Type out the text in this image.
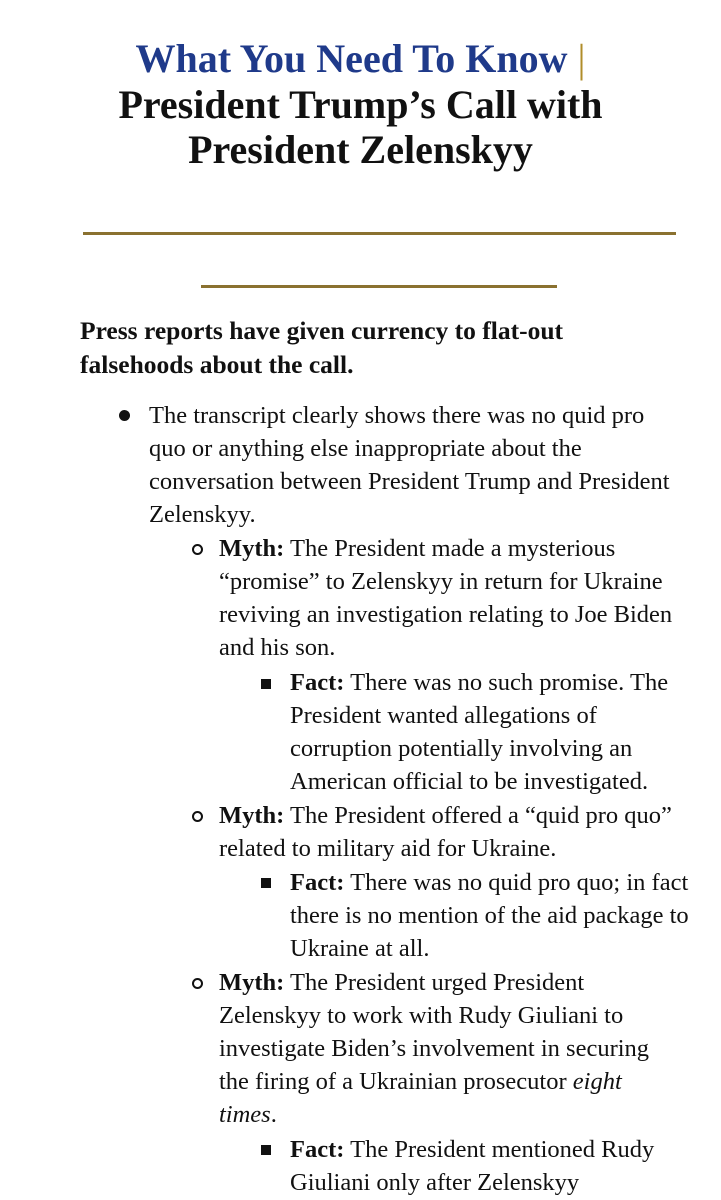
What You Need To Know |
President Trump’s Call with
President Zelenskyy
Press reports have given currency to flat-out falsehoods about the call.
The transcript clearly shows there was no quid pro quo or anything else inappropriate about the conversation between President Trump and President Zelenskyy.
Myth: The President made a mysterious “promise” to Zelenskyy in return for Ukraine reviving an investigation relating to Joe Biden and his son.
Fact: There was no such promise. The President wanted allegations of corruption potentially involving an American official to be investigated.
Myth: The President offered a “quid pro quo” related to military aid for Ukraine.
Fact: There was no quid pro quo; in fact there is no mention of the aid package to Ukraine at all.
Myth: The President urged President Zelenskyy to work with Rudy Giuliani to investigate Biden’s involvement in securing the firing of a Ukrainian prosecutor eight times.
Fact: The President mentioned Rudy Giuliani only after Zelenskyy
